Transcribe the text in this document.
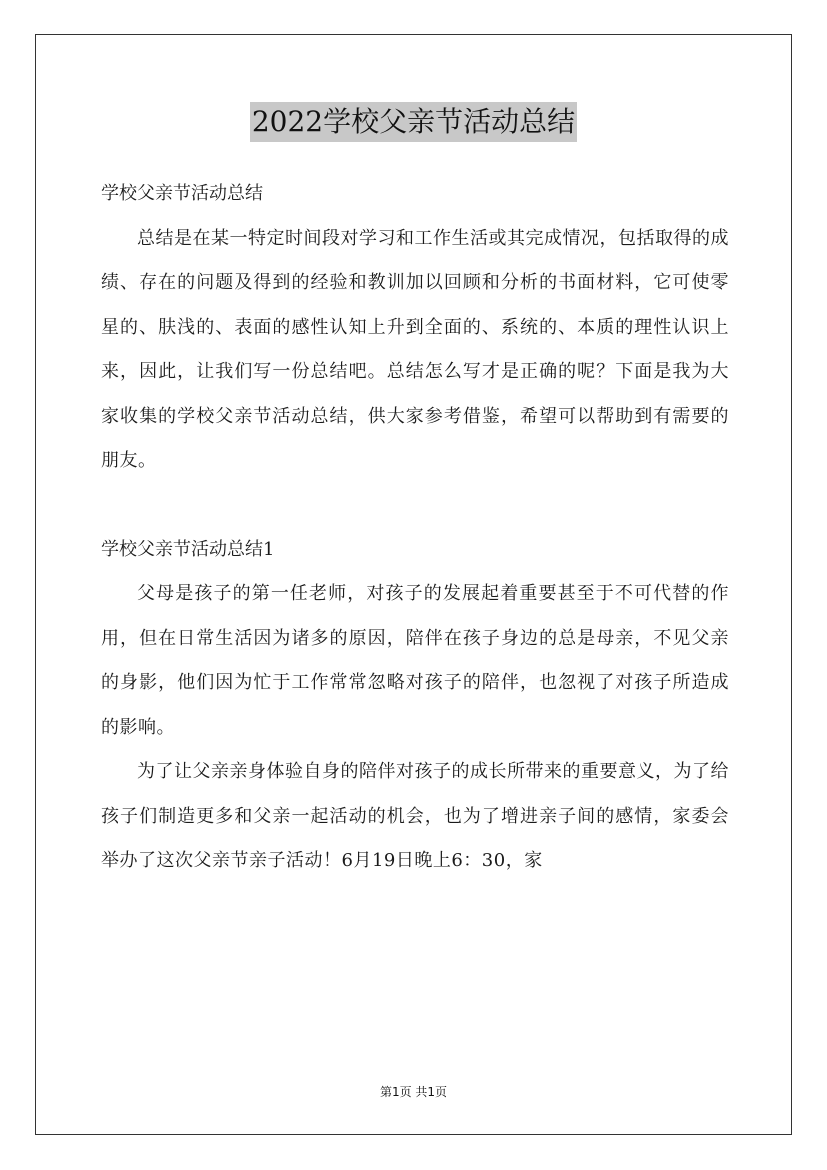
2022学校父亲节活动总结
学校父亲节活动总结

总结是在某一特定时间段对学习和工作生活或其完成情况，包括取得的成绩、存在的问题及得到的经验和教训加以回顾和分析的书面材料，它可使零星的、肤浅的、表面的感性认知上升到全面的、系统的、本质的理性认识上来，因此，让我们写一份总结吧。总结怎么写才是正确的呢？下面是我为大家收集的学校父亲节活动总结，供大家参考借鉴，希望可以帮助到有需要的朋友。

学校父亲节活动总结1

父母是孩子的第一任老师，对孩子的发展起着重要甚至于不可代替的作用，但在日常生活因为诸多的原因，陪伴在孩子身边的总是母亲，不见父亲的身影，他们因为忙于工作常常忽略对孩子的陪伴，也忽视了对孩子所造成的影响。

为了让父亲亲身体验自身的陪伴对孩子的成长所带来的重要意义，为了给孩子们制造更多和父亲一起活动的机会，也为了增进亲子间的感情，家委会举办了这次父亲节亲子活动！6月19日晚上6：30，家

第1页 共1页
